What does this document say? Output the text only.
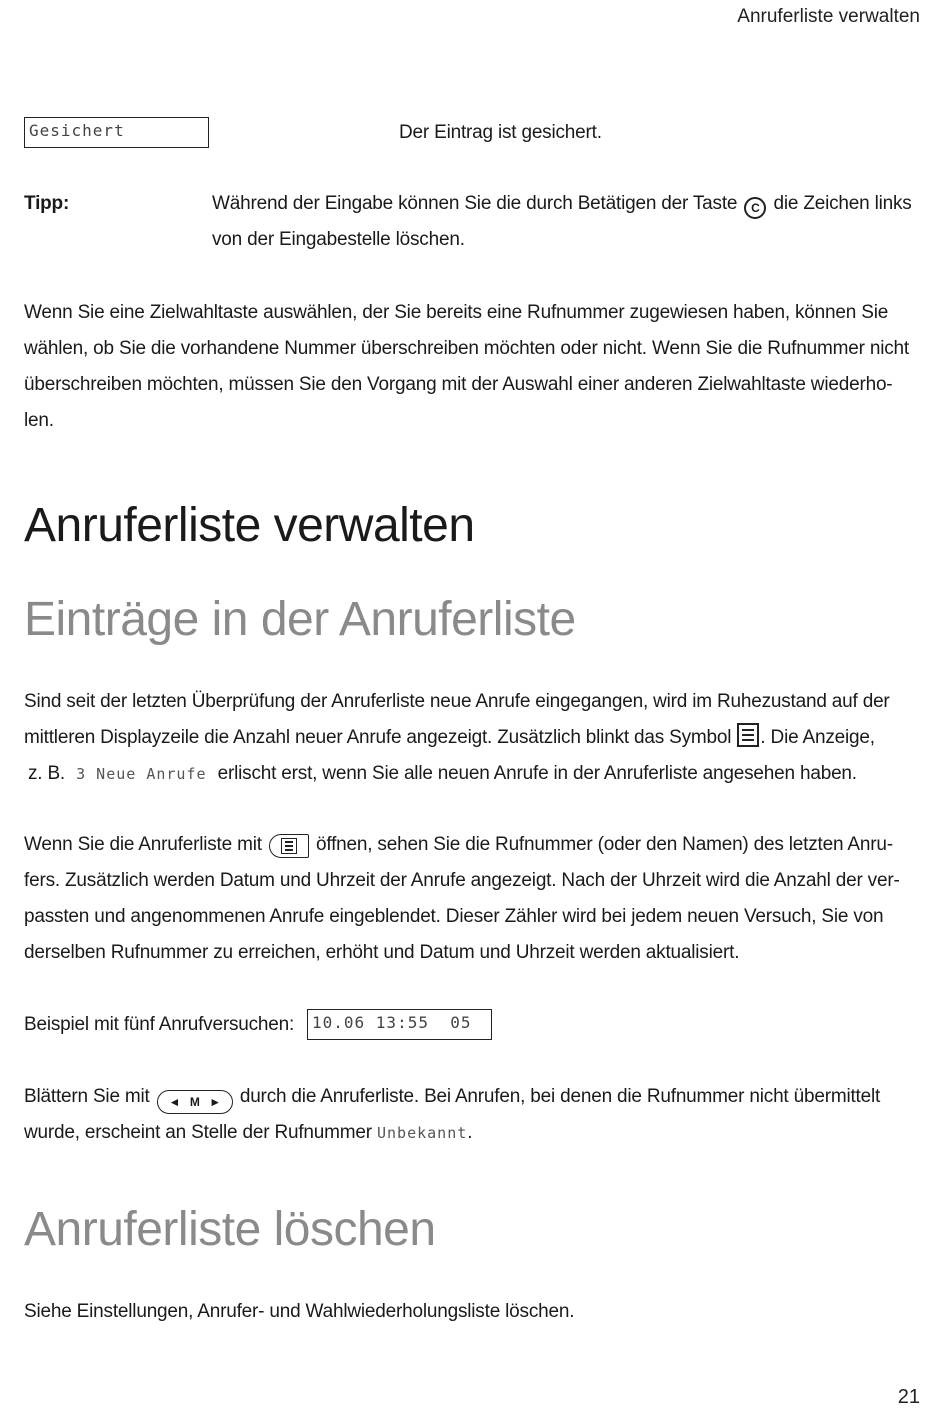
Anruferliste verwalten
Gesichert	Der Eintrag ist gesichert.
Tipp:	Während der Eingabe können Sie die durch Betätigen der Taste C die Zeichen links
von der Eingabestelle löschen.
Wenn Sie eine Zielwahltaste auswählen, der Sie bereits eine Rufnummer zugewiesen haben, können Sie
wählen, ob Sie die vorhandene Nummer überschreiben möchten oder nicht. Wenn Sie die Rufnummer nicht
überschreiben möchten, müssen Sie den Vorgang mit der Auswahl einer anderen Zielwahltaste wiederho-
len.
Anruferliste verwalten
Einträge in der Anruferliste
Sind seit der letzten Überprüfung der Anruferliste neue Anrufe eingegangen, wird im Ruhezustand auf der
mittleren Displayzeile die Anzahl neuer Anrufe angezeigt. Zusätzlich blinkt das Symbol . Die Anzeige,
z. B. 3 Neue Anrufe erlischt erst, wenn Sie alle neuen Anrufe in der Anruferliste angesehen haben.
Wenn Sie die Anruferliste mit	öffnen, sehen Sie die Rufnummer (oder den Namen) des letzten Anru-
fers. Zusätzlich werden Datum und Uhrzeit der Anrufe angezeigt. Nach der Uhrzeit wird die Anzahl der ver-
passten und angenommenen Anrufe eingeblendet. Dieser Zähler wird bei jedem neuen Versuch, Sie von
derselben Rufnummer zu erreichen, erhöht und Datum und Uhrzeit werden aktualisiert.
Beispiel mit fünf Anrufversuchen:	10.06 13:55  05
Blättern Sie mit ◄ M ► durch die Anruferliste. Bei Anrufen, bei denen die Rufnummer nicht übermittelt
wurde, erscheint an Stelle der Rufnummer Unbekannt.
Anruferliste löschen
Siehe Einstellungen, Anrufer- und Wahlwiederholungsliste löschen.
21
